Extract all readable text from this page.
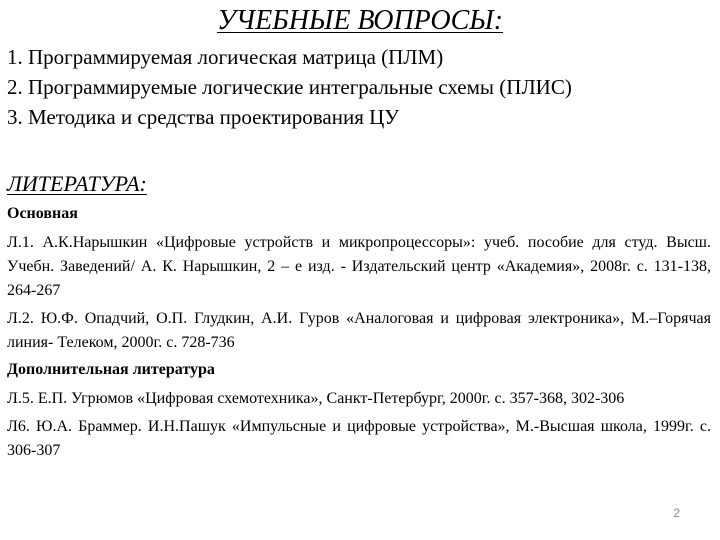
УЧЕБНЫЕ ВОПРОСЫ:
1. Программируемая логическая матрица (ПЛМ)
2. Программируемые логические интегральные схемы (ПЛИС)
3. Методика и средства проектирования ЦУ
ЛИТЕРАТУРА:

Основная

Л.1. А.К.Нарышкин «Цифровые устройств и микропроцессоры»: учеб. пособие для студ. Высш. Учебн. Заведений/ А. К. Нарышкин, 2 – е изд. - Издательский центр «Академия», 2008г. с. 131-138, 264-267

Л.2. Ю.Ф. Опадчий, О.П. Глудкин, А.И. Гуров «Аналоговая и цифровая электроника», М.–Горячая линия- Телеком, 2000г. с. 728-736

Дополнительная литература

Л.5. Е.П. Угрюмов «Цифровая схемотехника», Санкт-Петербург, 2000г. с. 357-368, 302-306

Л6. Ю.А. Браммер. И.Н.Пашук «Импульсные и цифровые устройства», М.-Высшая школа, 1999г. с. 306-307

2
